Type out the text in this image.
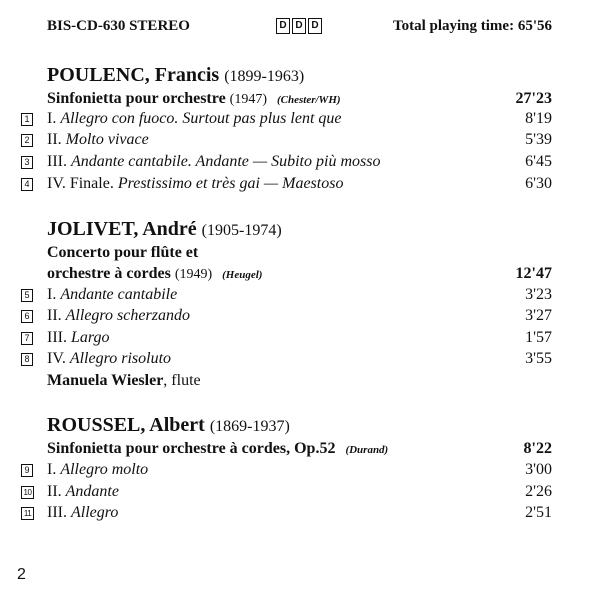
BIS-CD-630 STEREO	D D D	Total playing time: 65'56
POULENC, Francis (1899-1963)
Sinfonietta pour orchestre (1947) (Chester/WH)	27'23
1 I. Allegro con fuoco. Surtout pas plus lent que	8'19
2 II. Molto vivace	5'39
3 III. Andante cantabile. Andante — Subito più mosso	6'45
4 IV. Finale. Prestissimo et très gai — Maestoso	6'30
JOLIVET, André (1905-1974)
Concerto pour flûte et
orchestre à cordes (1949) (Heugel)	12'47
5 I. Andante cantabile	3'23
6 II. Allegro scherzando	3'27
7 III. Largo	1'57
8 IV. Allegro risoluto	3'55
Manuela Wiesler, flute
ROUSSEL, Albert (1869-1937)
Sinfonietta pour orchestre à cordes, Op.52 (Durand)	8'22
9 I. Allegro molto	3'00
10 II. Andante	2'26
11 III. Allegro	2'51
2
